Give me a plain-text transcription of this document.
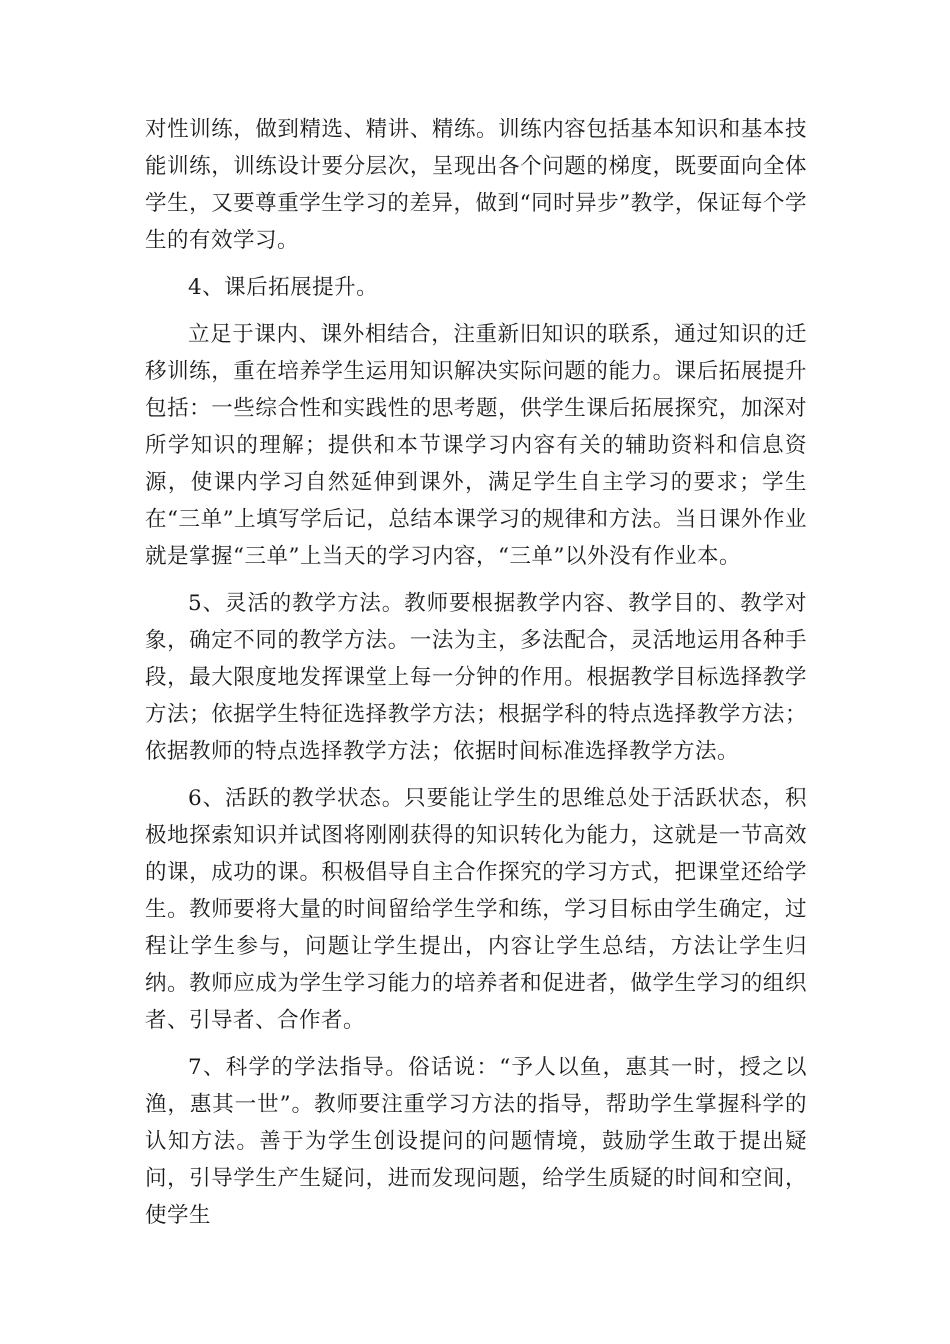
对性训练，做到精选、精讲、精练。训练内容包括基本知识和基本技能训练，训练设计要分层次，呈现出各个问题的梯度，既要面向全体学生，又要尊重学生学习的差异，做到“同时异步”教学，保证每个学生的有效学习。

4、课后拓展提升。

立足于课内、课外相结合，注重新旧知识的联系，通过知识的迁移训练，重在培养学生运用知识解决实际问题的能力。课后拓展提升包括：一些综合性和实践性的思考题，供学生课后拓展探究，加深对所学知识的理解；提供和本节课学习内容有关的辅助资料和信息资源，使课内学习自然延伸到课外，满足学生自主学习的要求；学生在“三单”上填写学后记，总结本课学习的规律和方法。当日课外作业就是掌握“三单”上当天的学习内容，“三单”以外没有作业本。

5、灵活的教学方法。教师要根据教学内容、教学目的、教学对象，确定不同的教学方法。一法为主，多法配合，灵活地运用各种手段，最大限度地发挥课堂上每一分钟的作用。根据教学目标选择教学方法；依据学生特征选择教学方法；根据学科的特点选择教学方法；依据教师的特点选择教学方法；依据时间标准选择教学方法。

6、活跃的教学状态。只要能让学生的思维总处于活跃状态，积极地探索知识并试图将刚刚获得的知识转化为能力，这就是一节高效的课，成功的课。积极倡导自主合作探究的学习方式，把课堂还给学生。教师要将大量的时间留给学生学和练，学习目标由学生确定，过程让学生参与，问题让学生提出，内容让学生总结，方法让学生归纳。教师应成为学生学习能力的培养者和促进者，做学生学习的组织者、引导者、合作者。

7、科学的学法指导。俗话说：“予人以鱼，惠其一时，授之以渔，惠其一世”。教师要注重学习方法的指导，帮助学生掌握科学的认知方法。善于为学生创设提问的问题情境，鼓励学生敢于提出疑问，引导学生产生疑问，进而发现问题，给学生质疑的时间和空间，使学生
